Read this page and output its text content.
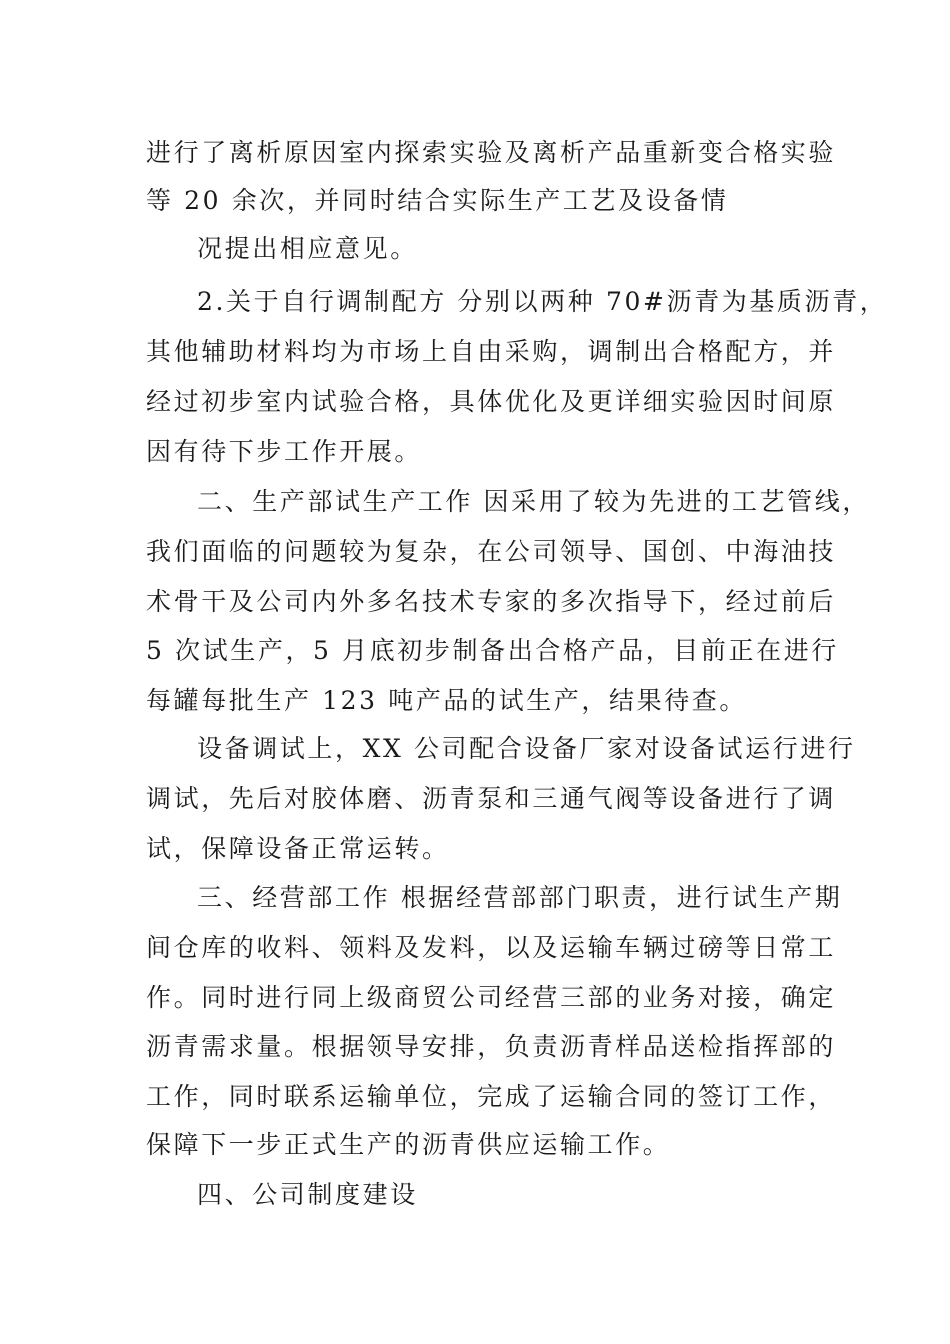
进行了离析原因室内探索实验及离析产品重新变合格实验
等 20 余次，并同时结合实际生产工艺及设备情
况提出相应意见。
2.关于自行调制配方 分别以两种 70#沥青为基质沥青，
其他辅助材料均为市场上自由采购，调制出合格配方，并
经过初步室内试验合格，具体优化及更详细实验因时间原
因有待下步工作开展。
二、生产部试生产工作 因采用了较为先进的工艺管线，
我们面临的问题较为复杂，在公司领导、国创、中海油技
术骨干及公司内外多名技术专家的多次指导下，经过前后
5 次试生产，5 月底初步制备出合格产品，目前正在进行
每罐每批生产 123 吨产品的试生产，结果待查。
设备调试上，XX 公司配合设备厂家对设备试运行进行
调试，先后对胶体磨、沥青泵和三通气阀等设备进行了调
试，保障设备正常运转。
三、经营部工作 根据经营部部门职责，进行试生产期
间仓库的收料、领料及发料，以及运输车辆过磅等日常工
作。同时进行同上级商贸公司经营三部的业务对接，确定
沥青需求量。根据领导安排，负责沥青样品送检指挥部的
工作，同时联系运输单位，完成了运输合同的签订工作，
保障下一步正式生产的沥青供应运输工作。
四、公司制度建设
